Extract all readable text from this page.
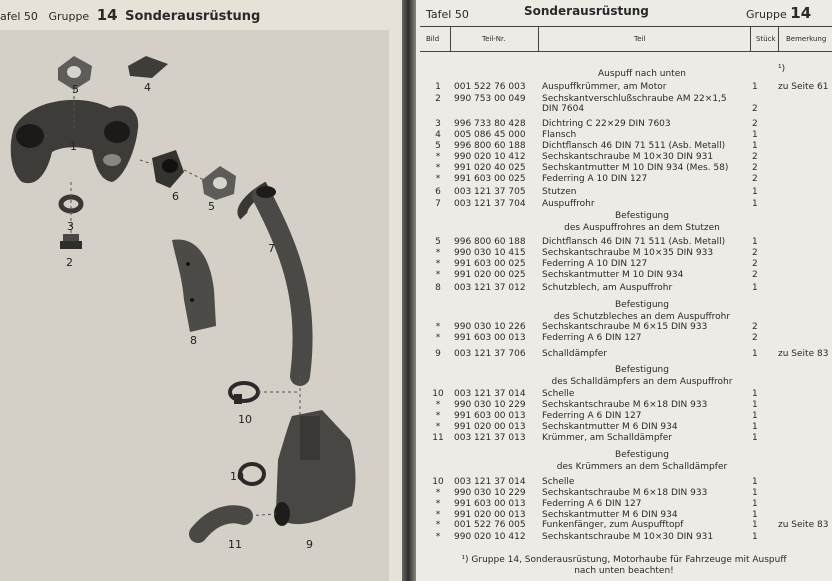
afel 50 Gruppe 14 Sonderausrüstung
5	4
1
3
2
6
5
7
8
10
10
11	9
Tafel 50	Sonderausrüstung	Gruppe 14
Bild	Teil-Nr.	Teil	Stück Bemerkung
Auspuff nach unten
Befestigung
des Auspuffrohres an dem Stutzen
Befestigung
des Schutzbleches an dem Auspuffrohr
Befestigung
des Schalldämpfers an dem Auspuffrohr
Befestigung
des Krümmers an dem Schalldämpfer
¹)
1	001 522 76 003 Auspuffkrümmer, am Motor	1 zu Seite 61
2	990 753 00 049 Sechskantverschlußschraube AM 22×1,5
DIN 7604	2
3	996 733 80 428 Dichtring C 22×29 DIN 7603	2
4	005 086 45 000 Flansch	1
5	996 800 60 188 Dichtflansch 46 DIN 71 511 (Asb. Metall)	1
*	990 020 10 412 Sechskantschraube M 10×30 DIN 931	2
*	991 020 40 025 Sechskantmutter M 10 DIN 934 (Mes. 58)	2
*	991 603 00 025 Federring A 10 DIN 127	2
6	003 121 37 705 Stutzen	1
7	003 121 37 704 Auspuffrohr	1
5	996 800 60 188 Dichtflansch 46 DIN 71 511 (Asb. Metall)	1
*	990 030 10 415 Sechskantschraube M 10×35 DIN 933	2
*	991 603 00 025 Federring A 10 DIN 127	2
*	991 020 00 025 Sechskantmutter M 10 DIN 934	2
8	003 121 37 012 Schutzblech, am Auspuffrohr	1
*	990 030 10 226 Sechskantschraube M 6×15 DIN 933	2
*	991 603 00 013 Federring A 6 DIN 127	2
9	003 121 37 706 Schalldämpfer	1 zu Seite 83
10 003 121 37 014 Schelle	1
*	990 030 10 229 Sechskantschraube M 6×18 DIN 933	1
*	991 603 00 013 Federring A 6 DIN 127	1
*	991 020 00 013 Sechskantmutter M 6 DIN 934	1
11 003 121 37 013 Krümmer, am Schalldämpfer	1
10 003 121 37 014 Schelle	1
*	990 030 10 229 Sechskantschraube M 6×18 DIN 933	1
*	991 603 00 013 Federring A 6 DIN 127	1
*	991 020 00 013 Sechskantmutter M 6 DIN 934	1
*	001 522 76 005 Funkenfänger, zum Auspufftopf	1 zu Seite 83
*	990 020 10 412 Sechskantschraube M 10×30 DIN 931	1
¹) Gruppe 14, Sonderausrüstung, Motorhaube für Fahrzeuge mit Auspuff
nach unten beachten!
